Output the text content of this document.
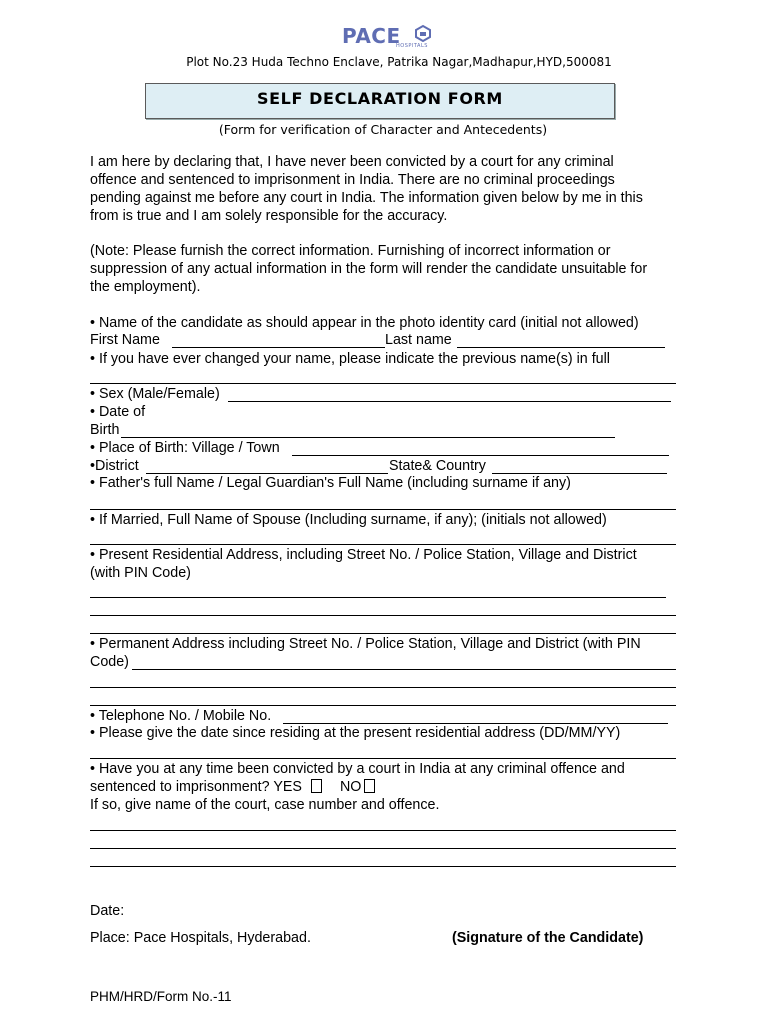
PACE
HOSPITALS
Plot No.23 Huda Techno Enclave, Patrika Nagar,Madhapur,HYD,500081
SELF DECLARATION FORM
(Form for verification of Character and Antecedents)
I am here by declaring that, I have never been convicted by a court for any criminal
offence and sentenced to imprisonment in India. There are no criminal proceedings
pending against me before any court in India. The information given below by me in this
from is true and I am solely responsible for the accuracy.
(Note: Please furnish the correct information. Furnishing of incorrect information or
suppression of any actual information in the form will render the candidate unsuitable for
the employment).
• Name of the candidate as should appear in the photo identity card (initial not allowed)
First Name	Last name
• If you have ever changed your name, please indicate the previous name(s) in full
• Sex (Male/Female)
• Date of
Birth
• Place of Birth: Village / Town
•District	State& Country
• Father's full Name / Legal Guardian's Full Name (including surname if any)
• If Married, Full Name of Spouse (Including surname, if any); (initials not allowed)
• Present Residential Address, including Street No. / Police Station, Village and District
(with PIN Code)
• Permanent Address including Street No. / Police Station, Village and District (with PIN
Code)
• Telephone No. / Mobile No.
• Please give the date since residing at the present residential address (DD/MM/YY)
• Have you at any time been convicted by a court in India at any criminal offence and
sentenced to imprisonment? YES	NO
If so, give name of the court, case number and offence.
Date:
Place: Pace Hospitals, Hyderabad.	(Signature of the Candidate)
PHM/HRD/Form No.-11
